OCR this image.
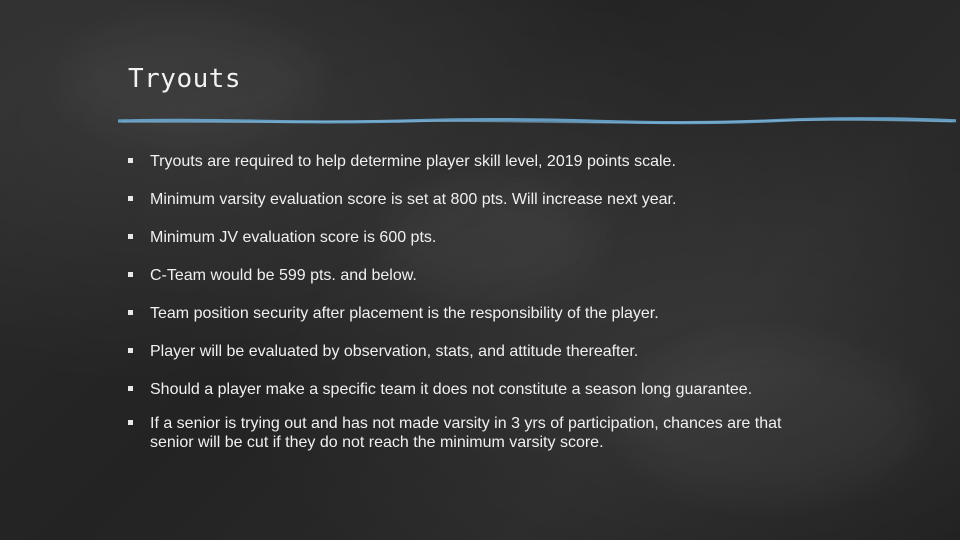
Tryouts
Tryouts are required to help determine player skill level, 2019 points scale.
Minimum varsity evaluation score is set at 800 pts. Will increase next year.
Minimum JV evaluation score is 600 pts.
C-Team would be 599 pts. and below.
Team position security after placement is the responsibility of the player.
Player will be evaluated by observation, stats, and attitude thereafter.
Should a player make a specific team it does not constitute a season long guarantee.
If a senior is trying out and has not made varsity in 3 yrs of participation, chances are that senior will be cut if they do not reach the minimum varsity score.
